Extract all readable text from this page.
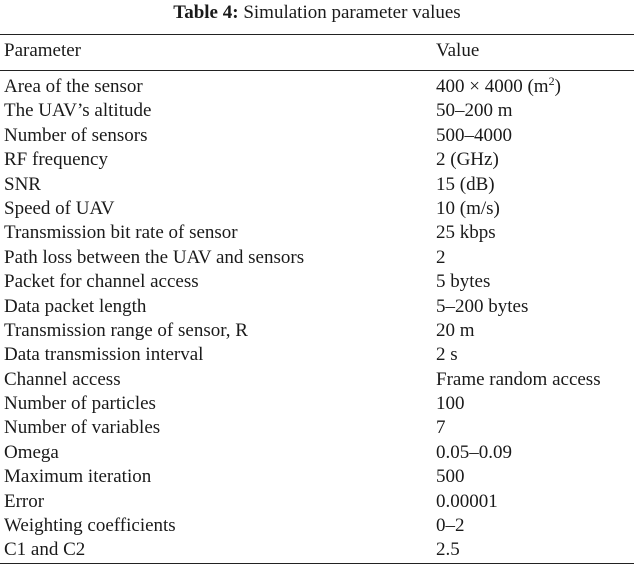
Table 4: Simulation parameter values
Parameter	Value
Area of the sensor	400 × 4000 $(m^2)$
The UAV’s altitude	50–200 m
Number of sensors	500–4000
RF frequency	2 (GHz)
SNR	15 (dB)
Speed of UAV	10 (m/s)
Transmission bit rate of sensor	25 kbps
Path loss between the UAV and sensors	2
Packet for channel access	5 bytes
Data packet length	5–200 bytes
Transmission range of sensor, R	20 m
Data transmission interval	2 s
Channel access	Frame random access
Number of particles	100
Number of variables	7
Omega	0.05–0.09
Maximum iteration	500
Error	0.00001
Weighting coefficients	0–2
C1 and C2	2.5
